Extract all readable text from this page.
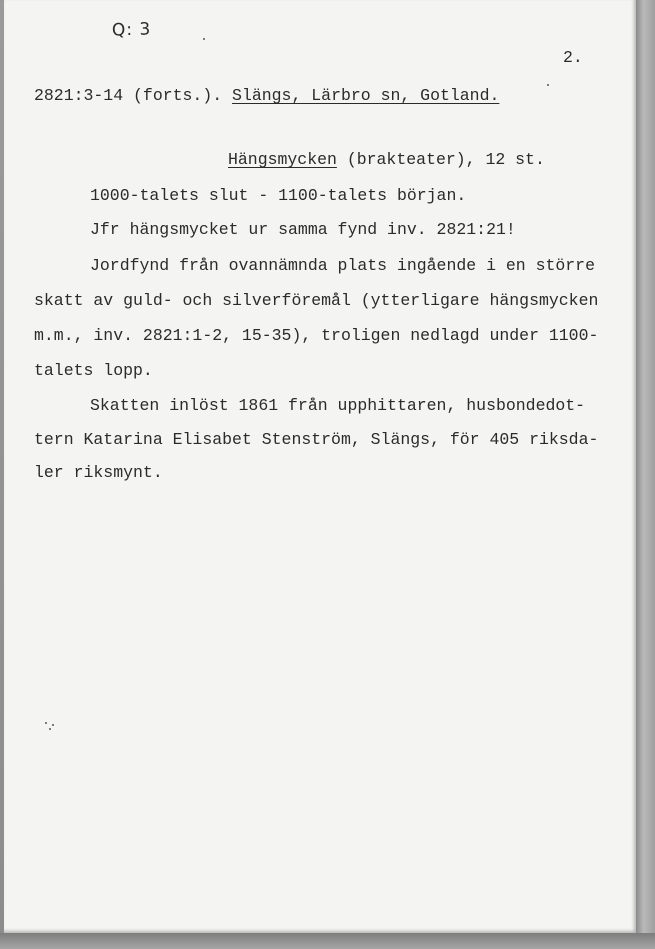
Q: 3
2.
2821:3-14 (forts.). Slängs, Lärbro sn, Gotland.
Hängsmycken (brakteater), 12 st.
1000-talets slut - 1100-talets början.
Jfr hängsmycket ur samma fynd inv. 2821:21!
Jordfynd från ovannämnda plats ingående i en större
skatt av guld- och silverföremål (ytterligare hängsmycken
m.m., inv. 2821:1-2, 15-35), troligen nedlagd under 1100-
talets lopp.
Skatten inlöst 1861 från upphittaren, husbondedot-
tern Katarina Elisabet Stenström, Slängs, för 405 riksda-
ler riksmynt.
